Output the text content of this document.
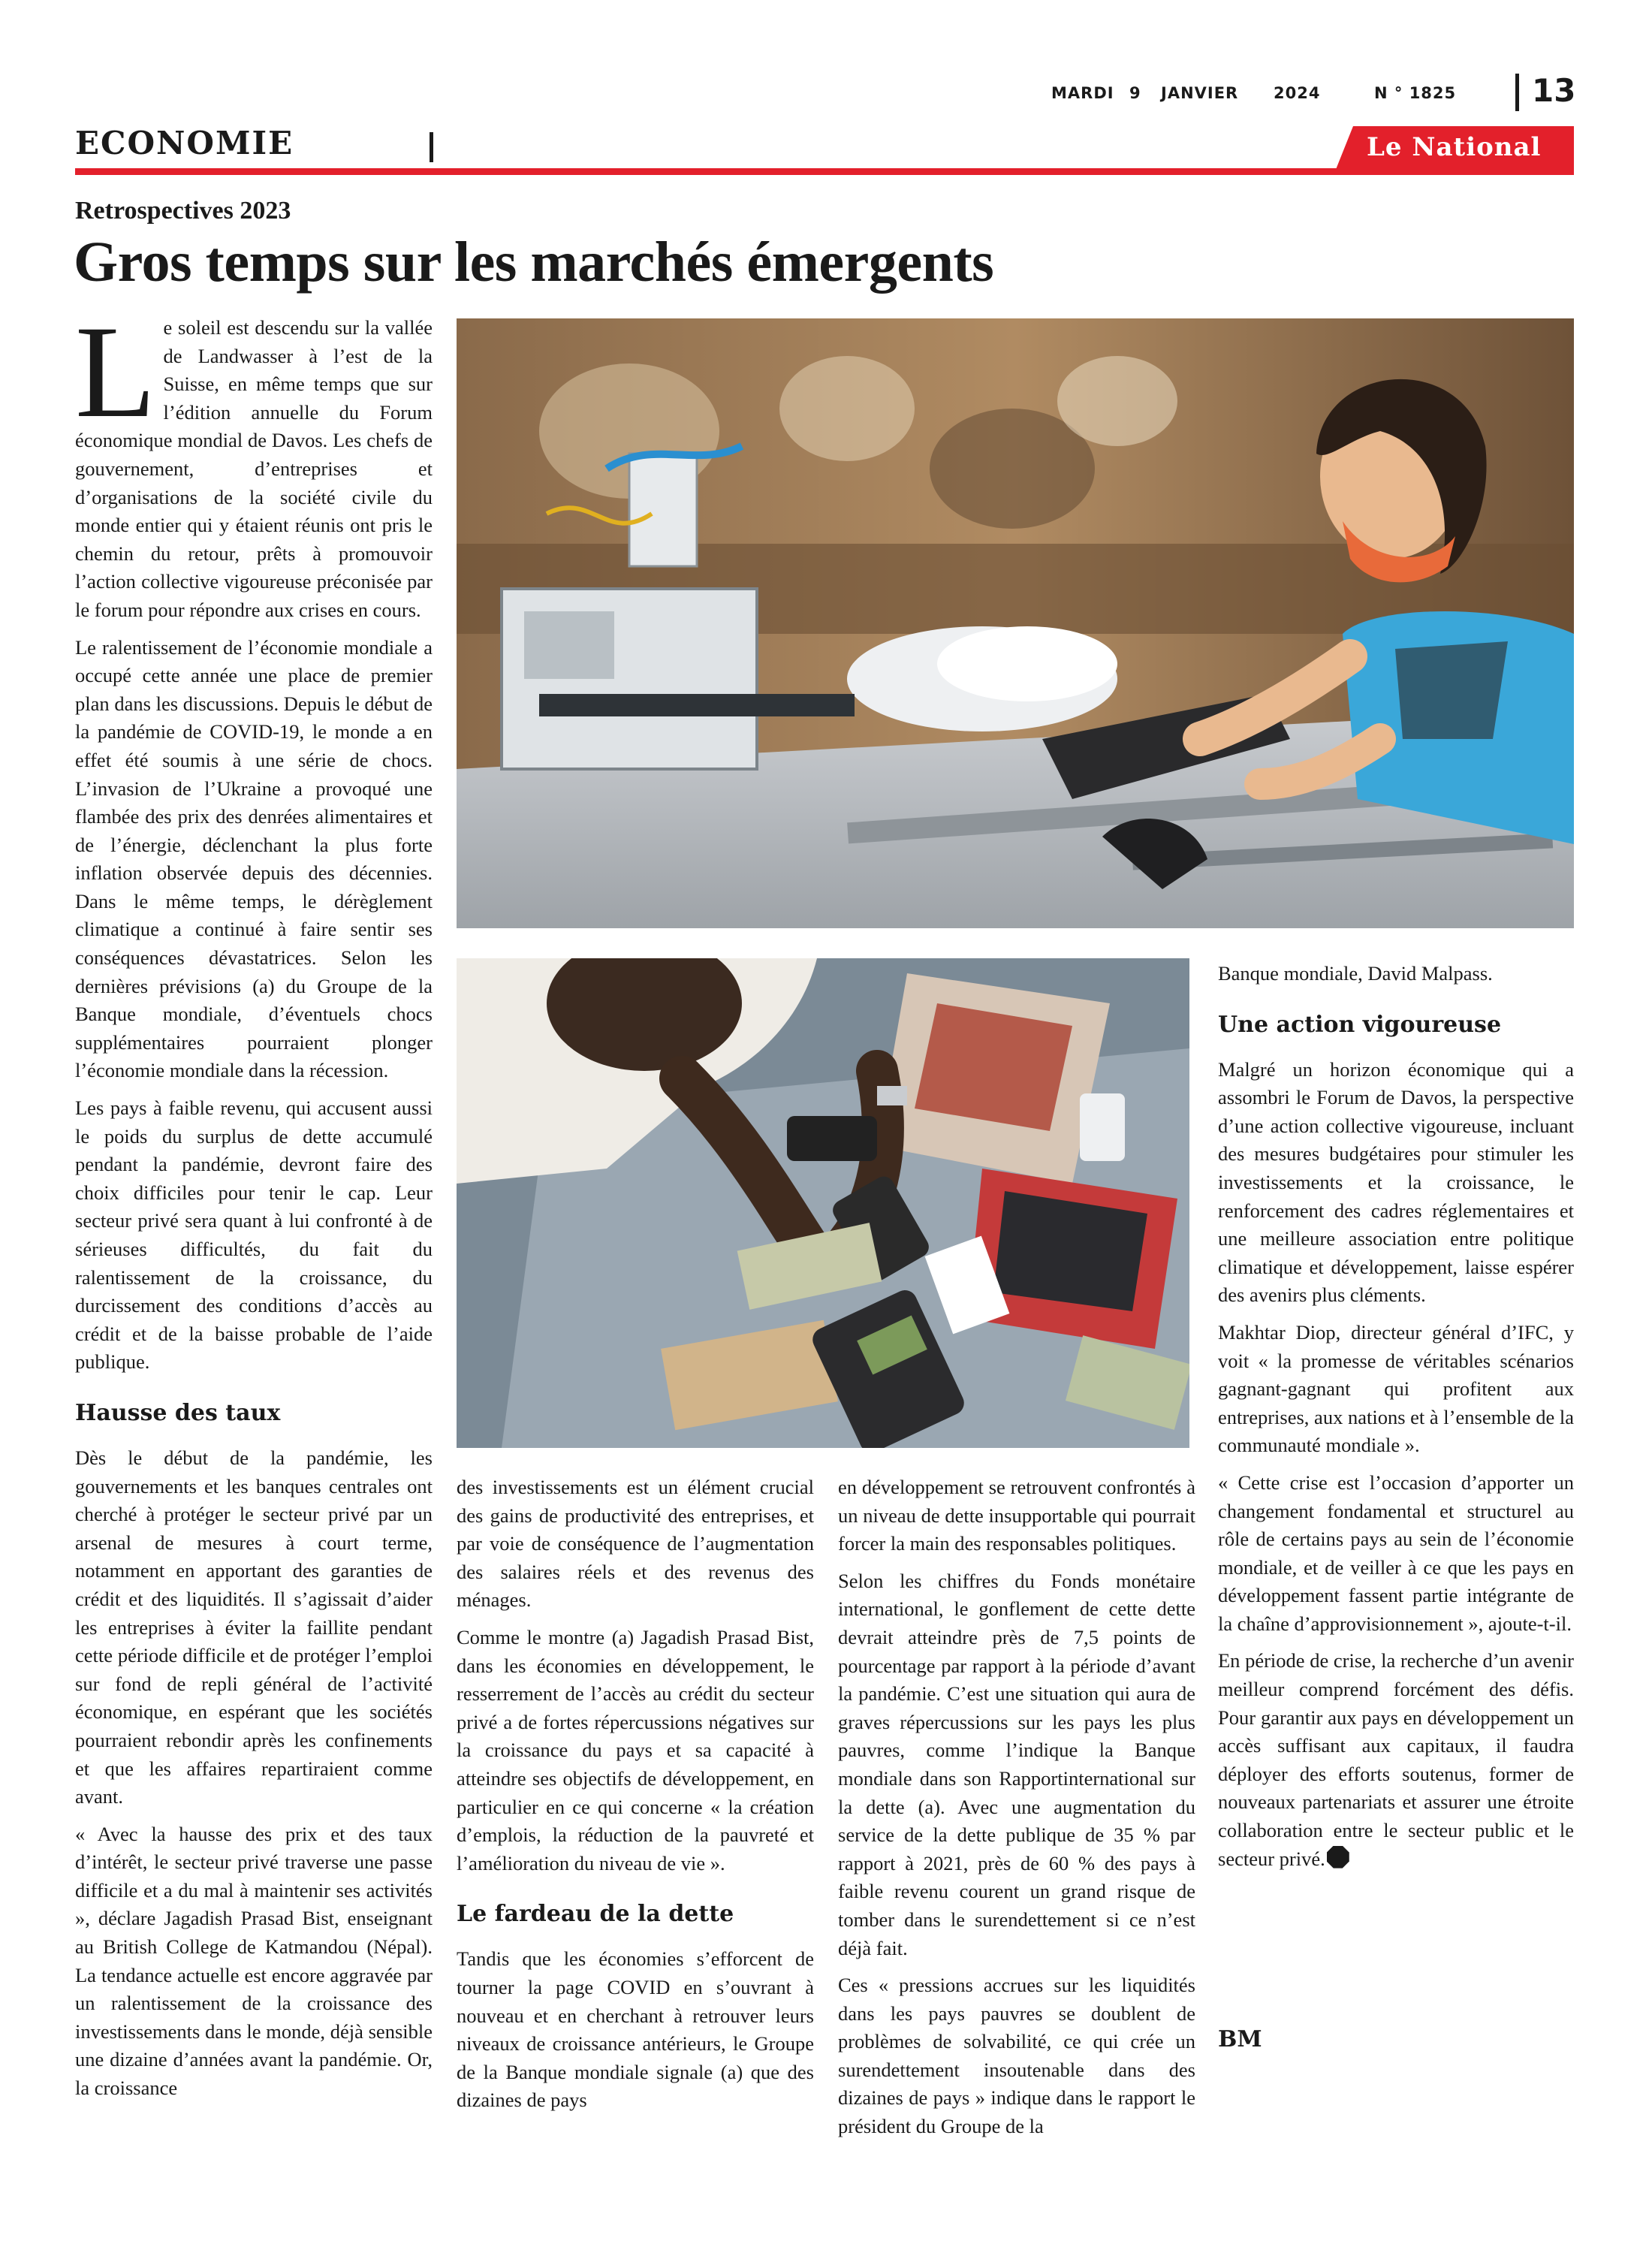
MARDI 9 JANVIER 2024	N ° 1825 13
ECONOMIE	Le National
Retrospectives 2023
Gros temps sur les marchés émergents

Le soleil est descendu sur la vallée de Landwasser à l’est de la Suisse, en même temps que sur l’édition annuelle du Forum économique mondial de Davos. Les chefs de gouvernement, d’entreprises et d’organisations de la société civile du monde entier qui y étaient réunis ont pris le chemin du retour, prêts à promouvoir l’action collective vigoureuse préconisée par le forum pour répondre aux crises en cours.

Le ralentissement de l’économie mondiale a occupé cette année une place de premier plan dans les discussions. Depuis le début de la pandémie de COVID-19, le monde a en effet été soumis à une série de chocs. L’invasion de l’Ukraine a provoqué une flambée des prix des denrées alimentaires et de l’énergie, déclenchant la plus forte inflation observée depuis des décennies. Dans le même temps, le dérèglement climatique a continué à faire sentir ses conséquences dévastatrices. Selon les dernières prévisions (a) du Groupe de la Banque mondiale, d’éventuels chocs supplémentaires pourraient plonger l’économie mondiale dans la récession.

Les pays à faible revenu, qui accusent aussi le poids du surplus de dette accumulé pendant la pandémie, devront faire des choix difficiles pour tenir le cap. Leur secteur privé sera quant à lui confronté à de sérieuses difficultés, du fait du ralentissement de la croissance, du durcissement des conditions d’accès au crédit et de la baisse probable de l’aide publique.

Hausse des taux

Dès le début de la pandémie, les gouvernements et les banques centrales ont cherché à protéger le secteur privé par un arsenal de mesures à court terme, notamment en apportant des garanties de crédit et des liquidités. Il s’agissait d’aider les entreprises à éviter la faillite pendant cette période difficile et de protéger l’emploi sur fond de repli général de l’activité économique, en espérant que les sociétés pourraient rebondir après les confinements et que les affaires repartiraient comme avant.

« Avec la hausse des prix et des taux d’intérêt, le secteur privé traverse une passe difficile et a du mal à maintenir ses activités », déclare Jagadish Prasad Bist, enseignant au British College de Katmandou (Népal). La tendance actuelle est encore aggravée par un ralentissement de la croissance des investissements dans le monde, déjà sensible une dizaine d’années avant la pandémie. Or, la croissance

des investissements est un élément crucial des gains de productivité des entreprises, et par voie de conséquence de l’augmentation des salaires réels et des revenus des ménages.

Comme le montre (a) Jagadish Prasad Bist, dans les économies en développement, le resserrement de l’accès au crédit du secteur privé a de fortes répercussions négatives sur la croissance du pays et sa capacité à atteindre ses objectifs de développement, en particulier en ce qui concerne « la création d’emplois, la réduction de la pauvreté et l’amélioration du niveau de vie ».

Le fardeau de la dette

Tandis que les économies s’efforcent de tourner la page COVID en s’ouvrant à nouveau et en cherchant à retrouver leurs niveaux de croissance antérieurs, le Groupe de la Banque mondiale signale (a) que des dizaines de pays

en développement se retrouvent confrontés à un niveau de dette insupportable qui pourrait forcer la main des responsables politiques.

Selon les chiffres du Fonds monétaire international, le gonflement de cette dette devrait atteindre près de 7,5 points de pourcentage par rapport à la période d’avant la pandémie. C’est une situation qui aura de graves répercussions sur les pays les plus pauvres, comme l’indique la Banque mondiale dans son Rapportinternational sur la dette (a). Avec une augmentation du service de la dette publique de 35 % par rapport à 2021, près de 60 % des pays à faible revenu courent un grand risque de tomber dans le surendettement si ce n’est déjà fait.

Ces « pressions accrues sur les liquidités dans les pays pauvres se doublent de problèmes de solvabilité, ce qui crée un surendettement insoutenable dans des dizaines de pays » indique dans le rapport le président du Groupe de la

Banque mondiale, David Malpass.

Une action vigoureuse

Malgré un horizon économique qui a assombri le Forum de Davos, la perspective d’une action collective vigoureuse, incluant des mesures budgétaires pour stimuler les investissements et la croissance, le renforcement des cadres réglementaires et une meilleure association entre politique climatique et développement, laisse espérer des avenirs plus cléments.

Makhtar Diop, directeur général d’IFC, y voit « la promesse de véritables scénarios gagnant-gagnant qui profitent aux entreprises, aux nations et à l’ensemble de la communauté mondiale ».

« Cette crise est l’occasion d’apporter un changement fondamental et structurel au rôle de certains pays au sein de l’économie mondiale, et de veiller à ce que les pays en développement fassent partie intégrante de la chaîne d’approvisionnement », ajoute-t-il.

En période de crise, la recherche d’un avenir meilleur comprend forcément des défis. Pour garantir aux pays en développement un accès suffisant aux capitaux, il faudra déployer des efforts soutenus, former de nouveaux partenariats et assurer une étroite collaboration entre le secteur public et le secteur privé.

BM
